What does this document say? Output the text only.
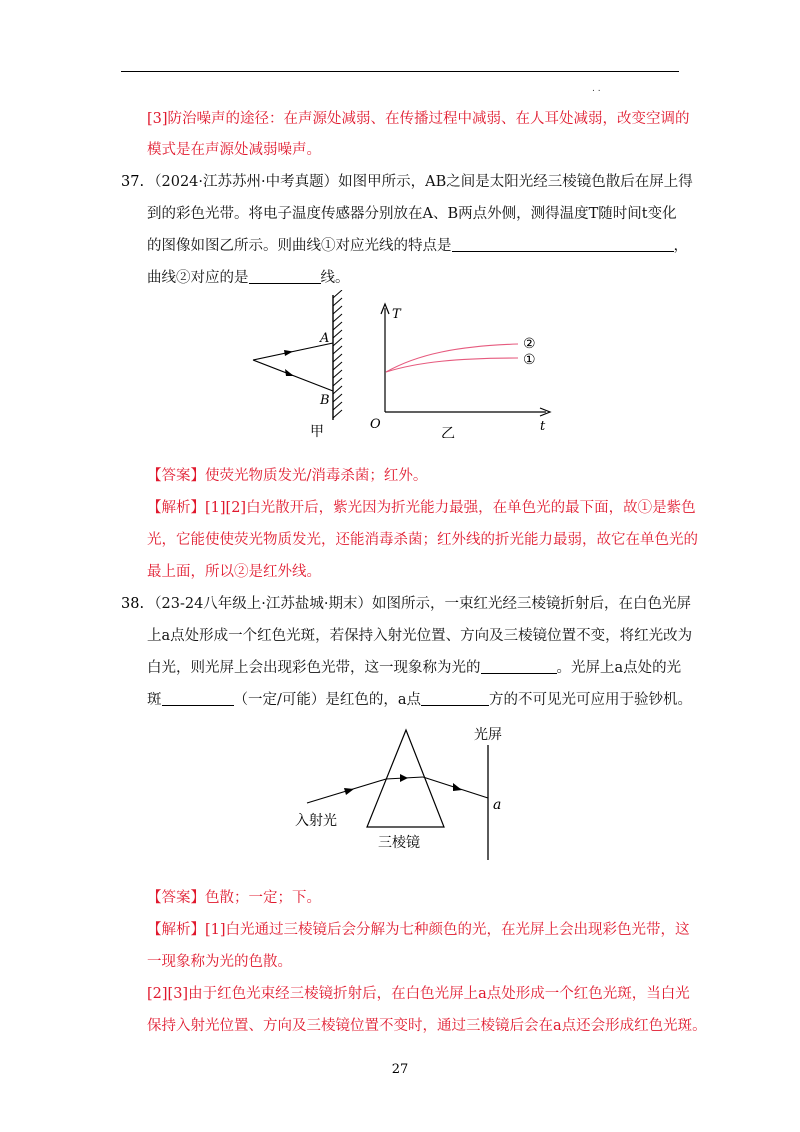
. .
[3]防治噪声的途径：在声源处减弱、在传播过程中减弱、在人耳处减弱，改变空调的
模式是在声源处减弱噪声。
37. （2024·江苏苏州·中考真题）如图甲所示，AB之间是太阳光经三棱镜色散后在屏上得
到的彩色光带。将电子温度传感器分别放在A、B两点外侧，测得温度T随时间t变化
的图像如图乙所示。则曲线①对应光线的特点是	，
曲线②对应的是	线。
A
B
甲
T
t
O
②
①
乙
【答案】使荧光物质发光/消毒杀菌；红外。
【解析】[1][2]白光散开后，紫光因为折光能力最强，在单色光的最下面，故①是紫色
光，它能使使荧光物质发光，还能消毒杀菌；红外线的折光能力最弱，故它在单色光的
最上面，所以②是红外线。
38. （23-24八年级上·江苏盐城·期末）如图所示，一束红光经三棱镜折射后，在白色光屏
上a点处形成一个红色光斑，若保持入射光位置、方向及三棱镜位置不变，将红光改为
白光，则光屏上会出现彩色光带，这一现象称为光的	。光屏上a点处的光
斑	（一定/可能）是红色的，a点	方的不可见光可应用于验钞机。
光屏
入射光
三棱镜
a
【答案】色散；一定；下。
【解析】[1]白光通过三棱镜后会分解为七种颜色的光，在光屏上会出现彩色光带，这
一现象称为光的色散。
[2][3]由于红色光束经三棱镜折射后，在白色光屏上a点处形成一个红色光斑，当白光
保持入射光位置、方向及三棱镜位置不变时，通过三棱镜后会在a点还会形成红色光斑。
27
